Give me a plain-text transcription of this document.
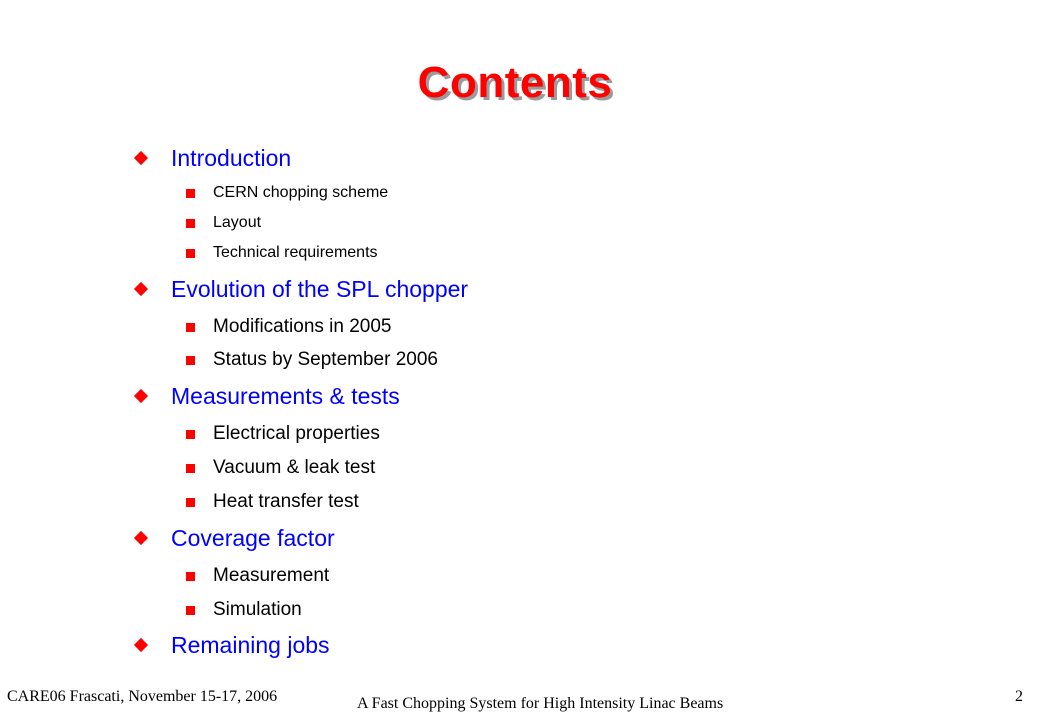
Contents
Introduction
CERN chopping scheme
Layout
Technical requirements
Evolution of the SPL chopper
Modifications in 2005
Status by September 2006
Measurements & tests
Electrical properties
Vacuum & leak test
Heat transfer test
Coverage factor
Measurement
Simulation
Remaining jobs
CARE06 Frascati, November 15-17, 2006	A Fast Chopping System for High Intensity Linac Beams	2
